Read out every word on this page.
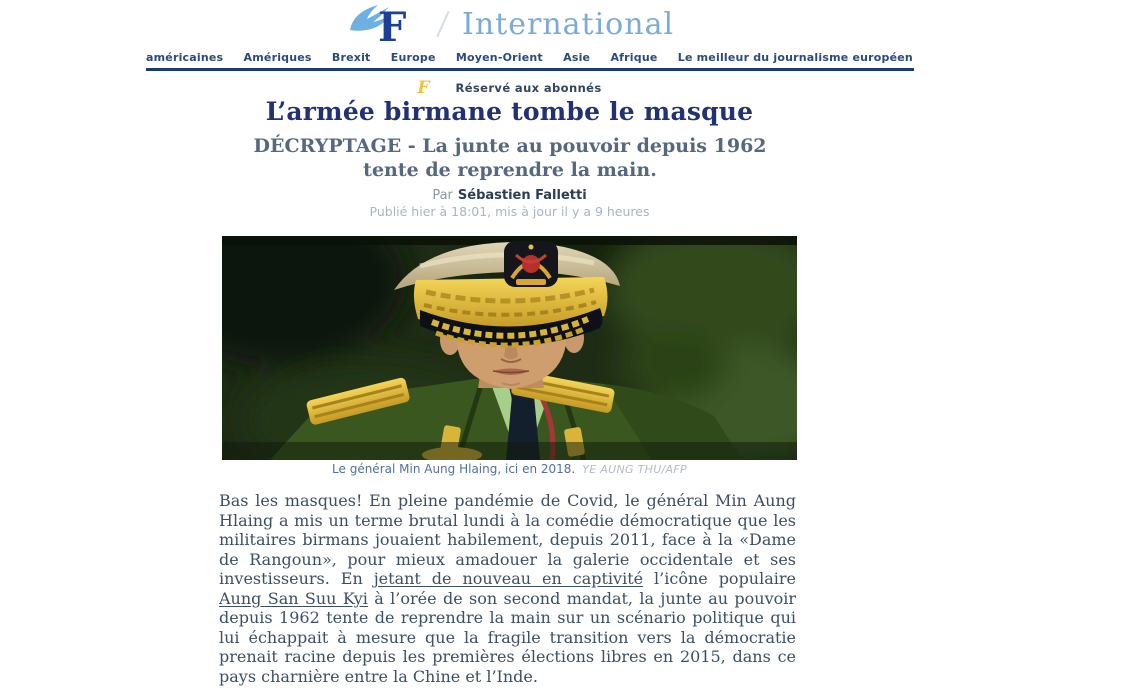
F International
américaines Amériques Brexit Europe Moyen-Orient Asie Afrique Le meilleur du journalisme européen
F Réservé aux abonnés
L’armée birmane tombe le masque
DÉCRYPTAGE - La junte au pouvoir depuis 1962 tente de reprendre la main.
Par Sébastien Falletti
Publié hier à 18:01, mis à jour il y a 9 heures
Le général Min Aung Hlaing, ici en 2018. YE AUNG THU/AFP

Bas les masques! En pleine pandémie de Covid, le général Min Aung Hlaing a mis un terme brutal lundi à la comédie démocratique que les militaires birmans jouaient habilement, depuis 2011, face à la «Dame de Rangoun», pour mieux amadouer la galerie occidentale et ses investisseurs. En jetant de nouveau en captivité l’icône populaire Aung San Suu Kyi à l’orée de son second mandat, la junte au pouvoir depuis 1962 tente de reprendre la main sur un scénario politique qui lui échappait à mesure que la fragile transition vers la démocratie prenait racine depuis les premières élections libres en 2015, dans ce pays charnière entre la Chine et l’Inde.
